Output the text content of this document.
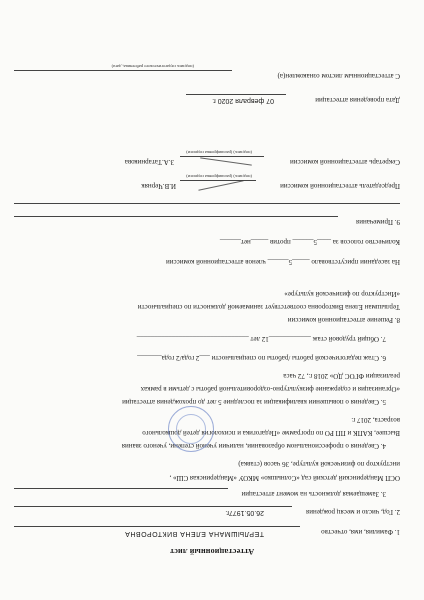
Аттестационный лист
1. Фамилия, имя, отчество
ТЕРЛЫШМАНА ЕЛЕНА ВИКТОРОВНА
2. Год, число и месяц рождения
26.05.1977г.
3. Замещаемая должность на момент аттестации
ОСП Мандеринский детский сад «Солнышко» МКОУ «Мандеринская СШ» ,
инструктор по физической культуре, 36 часов (ставка)
4. Сведения о профессиональном образовании, наличии ученой степени, ученого звания
Высшее, КАПК и ПП РО по программе «Педагогика и психология детей дошкольного
возраста, 2017 г.
5. Сведения о повышении квалификации за последние 5 лет до прохождения аттестации
«Организация и содержание физкультурно-оздоровительной работы с детьми в рамках
реализации ФГОС ДО» 2018 г., 72 часа
6. Стаж педагогической работы /работы по специальности ___2 года/2 года_______
7. Общий трудовой стаж ____________12 лет ________________________________
8. Решение аттестационной комиссии
Терлышман Елена Викторовна соответствует занимаемой должности по специальности
«Инструктор по физической культуре»
На заседании присутствовало _____5______ членов аттестационной комиссии
Количество голосов за ____5______ против _____нет______
9. Примечания
Председатель аттестационной комиссии
И.В.Черняк
(подпись) (расшифровка подписи)
Секретарь аттестационной комиссии
З.А.Татарникова
(подпись) (расшифровка подписи)
Дата проведения аттестации
07 февраля 2020 г.
С аттестационным листом ознакомлен(а)
(подпись педагогического работника, дата)
